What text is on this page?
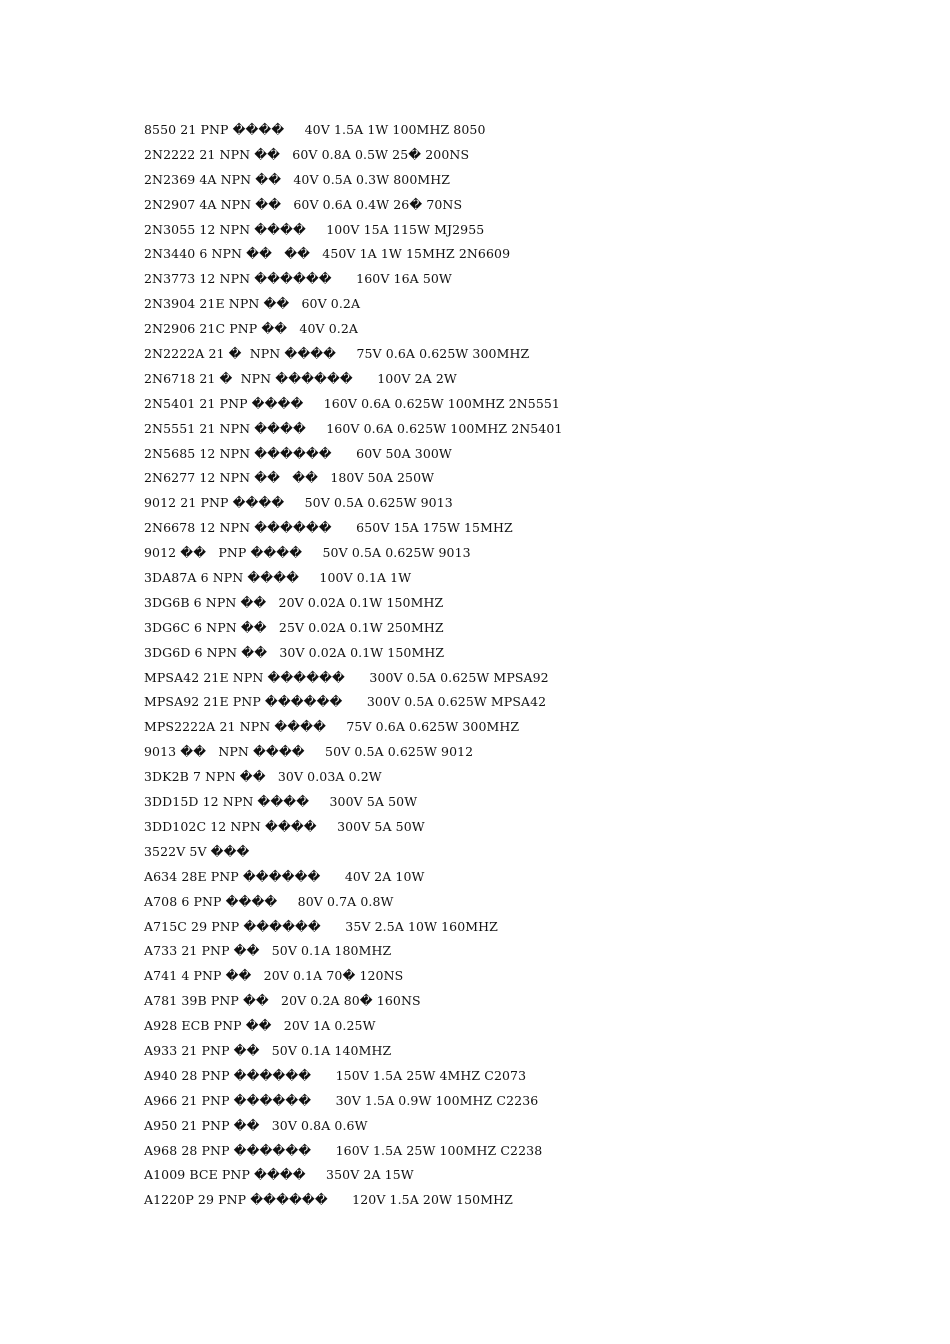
8550 21 PNP ����     40V 1.5A 1W 100MHZ 8050
2N2222 21 NPN ��   60V 0.8A 0.5W 25� 200NS
2N2369 4A NPN ��   40V 0.5A 0.3W 800MHZ
2N2907 4A NPN ��   60V 0.6A 0.4W 26� 70NS
2N3055 12 NPN ����     100V 15A 115W MJ2955
2N3440 6 NPN ��   ��   450V 1A 1W 15MHZ 2N6609
2N3773 12 NPN ������      160V 16A 50W
2N3904 21E NPN ��   60V 0.2A
2N2906 21C PNP ��   40V 0.2A
2N2222A 21 �  NPN ����     75V 0.6A 0.625W 300MHZ
2N6718 21 �  NPN ������      100V 2A 2W
2N5401 21 PNP ����     160V 0.6A 0.625W 100MHZ 2N5551
2N5551 21 NPN ����     160V 0.6A 0.625W 100MHZ 2N5401
2N5685 12 NPN ������      60V 50A 300W
2N6277 12 NPN ��   ��   180V 50A 250W
9012 21 PNP ����     50V 0.5A 0.625W 9013
2N6678 12 NPN ������      650V 15A 175W 15MHZ
9012 ��   PNP ����     50V 0.5A 0.625W 9013
3DA87A 6 NPN ����     100V 0.1A 1W
3DG6B 6 NPN ��   20V 0.02A 0.1W 150MHZ
3DG6C 6 NPN ��   25V 0.02A 0.1W 250MHZ
3DG6D 6 NPN ��   30V 0.02A 0.1W 150MHZ
MPSA42 21E NPN ������      300V 0.5A 0.625W MPSA92
MPSA92 21E PNP ������      300V 0.5A 0.625W MPSA42
MPS2222A 21 NPN ����     75V 0.6A 0.625W 300MHZ
9013 ��   NPN ����     50V 0.5A 0.625W 9012
3DK2B 7 NPN ��   30V 0.03A 0.2W
3DD15D 12 NPN ����     300V 5A 50W
3DD102C 12 NPN ����     300V 5A 50W
3522V 5V ���
A634 28E PNP ������      40V 2A 10W
A708 6 PNP ����     80V 0.7A 0.8W
A715C 29 PNP ������      35V 2.5A 10W 160MHZ
A733 21 PNP ��   50V 0.1A 180MHZ
A741 4 PNP ��   20V 0.1A 70� 120NS
A781 39B PNP ��   20V 0.2A 80� 160NS
A928 ECB PNP ��   20V 1A 0.25W
A933 21 PNP ��   50V 0.1A 140MHZ
A940 28 PNP ������      150V 1.5A 25W 4MHZ C2073
A966 21 PNP ������      30V 1.5A 0.9W 100MHZ C2236
A950 21 PNP ��   30V 0.8A 0.6W
A968 28 PNP ������      160V 1.5A 25W 100MHZ C2238
A1009 BCE PNP ����     350V 2A 15W
A1220P 29 PNP ������      120V 1.5A 20W 150MHZ
